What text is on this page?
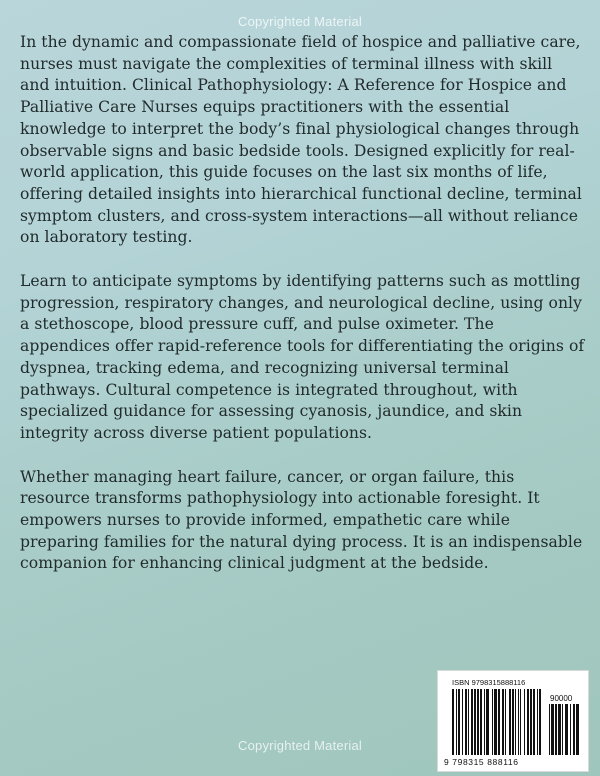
Copyrighted Material

In the dynamic and compassionate field of hospice and palliative care, nurses must navigate the complexities of terminal illness with skill and intuition. Clinical Pathophysiology: A Reference for Hospice and Palliative Care Nurses equips practitioners with the essential knowledge to interpret the body’s final physiological changes through observable signs and basic bedside tools. Designed explicitly for real-world application, this guide focuses on the last six months of life, offering detailed insights into hierarchical functional decline, terminal symptom clusters, and cross-system interactions—all without reliance on laboratory testing.

Learn to anticipate symptoms by identifying patterns such as mottling progression, respiratory changes, and neurological decline, using only a stethoscope, blood pressure cuff, and pulse oximeter. The appendices offer rapid-reference tools for differentiating the origins of dyspnea, tracking edema, and recognizing universal terminal pathways. Cultural competence is integrated throughout, with specialized guidance for assessing cyanosis, jaundice, and skin integrity across diverse patient populations.

Whether managing heart failure, cancer, or organ failure, this resource transforms pathophysiology into actionable foresight. It empowers nurses to provide informed, empathetic care while preparing families for the natural dying process. It is an indispensable companion for enhancing clinical judgment at the bedside.

ISBN 9798315888116
90000
9 798315 888116
Copyrighted Material
